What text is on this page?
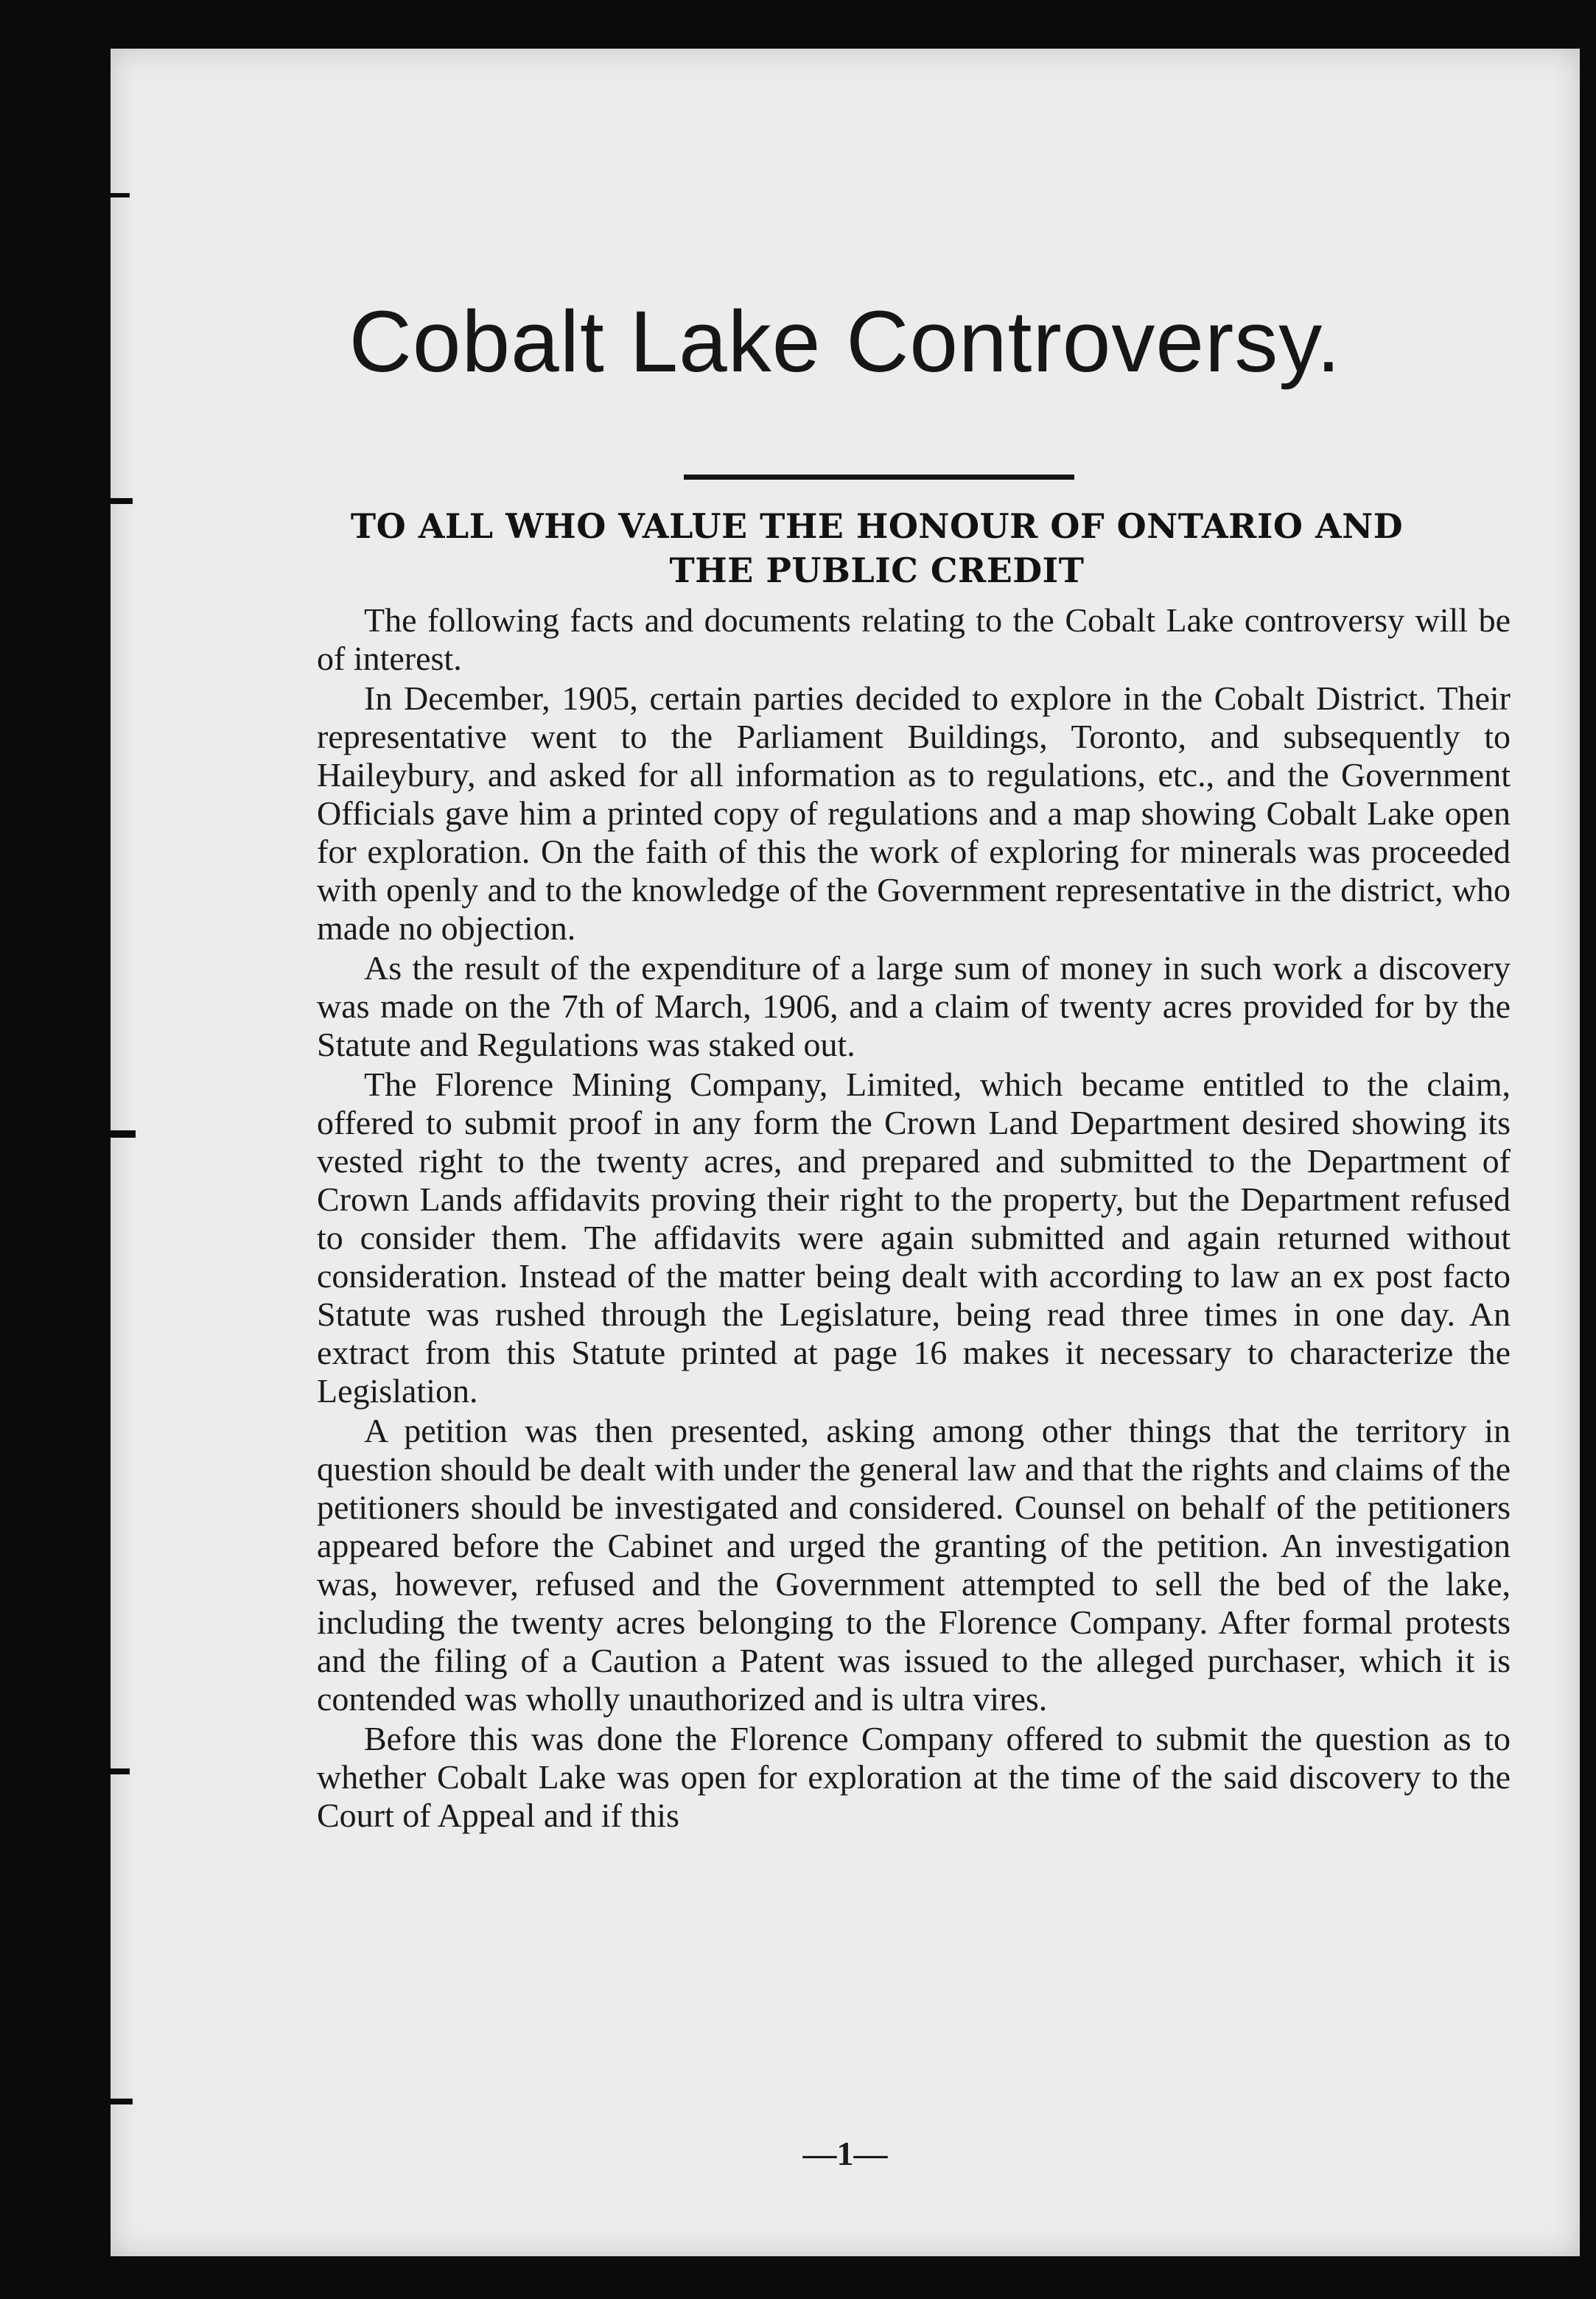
Cobalt Lake Controversy.
TO ALL WHO VALUE THE HONOUR OF ONTARIO AND THE PUBLIC CREDIT

The following facts and documents relating to the Cobalt Lake controversy will be of interest.

In December, 1905, certain parties decided to explore in the Cobalt District. Their representative went to the Parliament Buildings, Toronto, and subsequently to Haileybury, and asked for all information as to regulations, etc., and the Government Officials gave him a printed copy of regulations and a map showing Cobalt Lake open for exploration. On the faith of this the work of exploring for minerals was proceeded with openly and to the knowledge of the Government representative in the district, who made no objection.

As the result of the expenditure of a large sum of money in such work a discovery was made on the 7th of March, 1906, and a claim of twenty acres provided for by the Statute and Regulations was staked out.

The Florence Mining Company, Limited, which became entitled to the claim, offered to submit proof in any form the Crown Land Department desired showing its vested right to the twenty acres, and prepared and submitted to the Department of Crown Lands affidavits proving their right to the property, but the Department refused to consider them. The affidavits were again submitted and again returned without consideration. Instead of the matter being dealt with according to law an ex post facto Statute was rushed through the Legislature, being read three times in one day. An extract from this Statute printed at page 16 makes it necessary to characterize the Legislation.

A petition was then presented, asking among other things that the territory in question should be dealt with under the general law and that the rights and claims of the petitioners should be investigated and considered. Counsel on behalf of the petitioners appeared before the Cabinet and urged the granting of the petition. An investigation was, however, refused and the Government attempted to sell the bed of the lake, including the twenty acres belonging to the Florence Company. After formal protests and the filing of a Caution a Patent was issued to the alleged purchaser, which it is contended was wholly unauthorized and is ultra vires.

Before this was done the Florence Company offered to submit the question as to whether Cobalt Lake was open for exploration at the time of the said discovery to the Court of Appeal and if this

—1—
